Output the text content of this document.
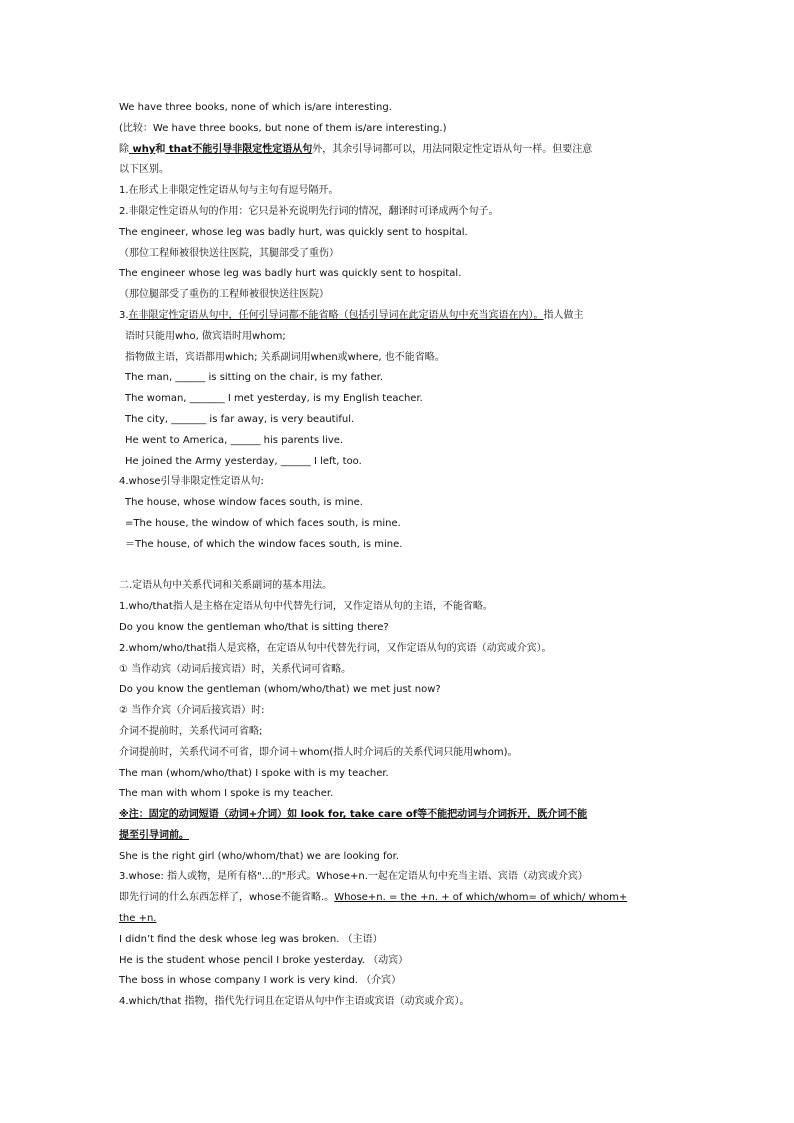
We have three books, none of which is/are interesting.
(比较：We have three books, but none of them is/are interesting.)
除 why和 that不能引导非限定性定语从句外，其余引导词都可以，用法同限定性定语从句一样。但要注意
以下区别。
1.在形式上非限定性定语从句与主句有逗号隔开。
2.非限定性定语从句的作用：它只是补充说明先行词的情况，翻译时可译成两个句子。
The engineer, whose leg was badly hurt, was quickly sent to hospital.
（那位工程师被很快送往医院，其腿部受了重伤）
The engineer whose leg was badly hurt was quickly sent to hospital.
（那位腿部受了重伤的工程师被很快送往医院）
3.在非限定性定语从句中，任何引导词都不能省略（包括引导词在此定语从句中充当宾语在内）。指人做主
语时只能用who, 做宾语时用whom;
指物做主语，宾语都用which; 关系副词用when或where, 也不能省略。
The man, ______ is sitting on the chair, is my father.
The woman, _______ I met yesterday, is my English teacher.
The city, _______ is far away, is very beautiful.
He went to America, ______ his parents live.
He joined the Army yesterday, ______ I left, too.
4.whose引导非限定性定语从句:
The house, whose window faces south, is mine.
=The house, the window of which faces south, is mine.
＝The house, of which the window faces south, is mine.
二.定语从句中关系代词和关系副词的基本用法。
1.who/that指人是主格在定语从句中代替先行词，又作定语从句的主语，不能省略。
Do you know the gentleman who/that is sitting there?
2.whom/who/that指人是宾格，在定语从句中代替先行词，又作定语从句的宾语（动宾或介宾）。
① 当作动宾（动词后接宾语）时，关系代词可省略。
Do you know the gentleman (whom/who/that) we met just now?
② 当作介宾（介词后接宾语）时:
介词不提前时，关系代词可省略;
介词提前时，关系代词不可省，即介词＋whom(指人时介词后的关系代词只能用whom)。
The man (whom/who/that) I spoke with is my teacher.
The man with whom I spoke is my teacher.
※注：固定的动词短语（动词+介词）如 look for, take care of等不能把动词与介词拆开，既介词不能
提至引导词前。
She is the right girl (who/whom/that) we are looking for.
3.whose: 指人或物，是所有格"…的"形式。Whose+n.一起在定语从句中充当主语、宾语（动宾或介宾）
即先行词的什么东西怎样了，whose不能省略.。Whose+n. = the +n. + of which/whom= of which/ whom+
the +n.
I didn’t find the desk whose leg was broken. （主语）
He is the student whose pencil I broke yesterday. （动宾）
The boss in whose company I work is very kind. （介宾）
4.which/that 指物，指代先行词且在定语从句中作主语或宾语（动宾或介宾）。
